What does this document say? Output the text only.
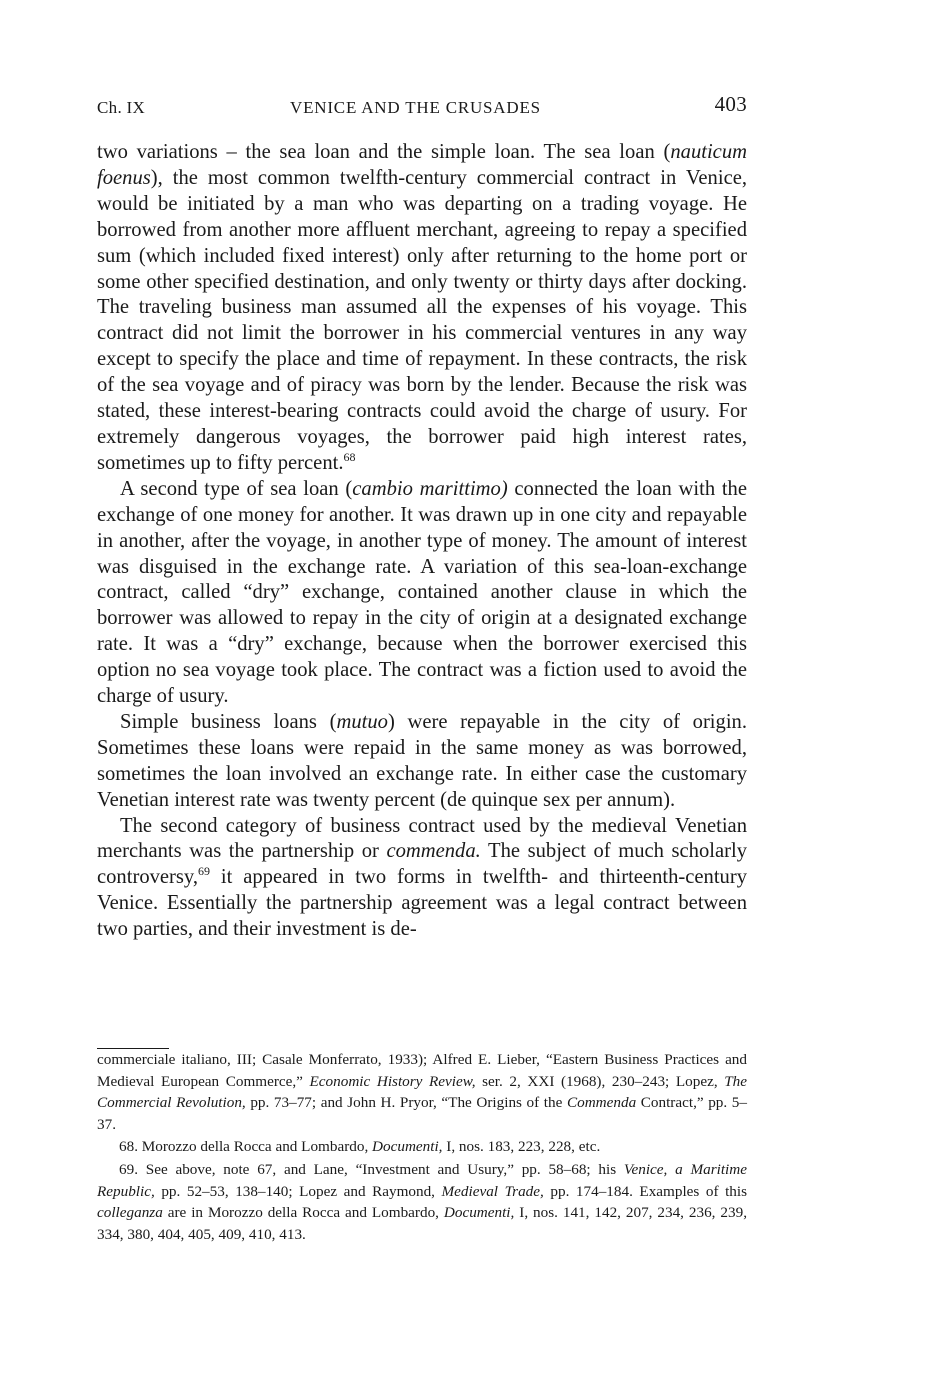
Ch. IX	VENICE AND THE CRUSADES	403

two variations – the sea loan and the simple loan. The sea loan (nauticum foenus), the most common twelfth-century commercial contract in Venice, would be initiated by a man who was departing on a trading voyage. He borrowed from another more affluent merchant, agreeing to repay a specified sum (which included fixed interest) only after returning to the home port or some other specified destination, and only twenty or thirty days after docking. The traveling business man assumed all the expenses of his voyage. This contract did not limit the borrower in his commercial ventures in any way except to specify the place and time of repayment. In these contracts, the risk of the sea voyage and of piracy was born by the lender. Because the risk was stated, these interest-bearing contracts could avoid the charge of usury. For extremely dangerous voyages, the borrower paid high interest rates, sometimes up to fifty percent.$^{68}$

A second type of sea loan (cambio marittimo) connected the loan with the exchange of one money for another. It was drawn up in one city and repayable in another, after the voyage, in another type of money. The amount of interest was disguised in the exchange rate. A variation of this sea-loan-exchange contract, called “dry” exchange, contained another clause in which the borrower was allowed to repay in the city of origin at a designated exchange rate. It was a “dry” exchange, because when the borrower exercised this option no sea voyage took place. The contract was a fiction used to avoid the charge of usury.

Simple business loans (mutuo) were repayable in the city of origin. Sometimes these loans were repaid in the same money as was borrowed, sometimes the loan involved an exchange rate. In either case the customary Venetian interest rate was twenty percent (de quinque sex per annum).

The second category of business contract used by the medieval Venetian merchants was the partnership or commenda. The subject of much scholarly controversy,$^{69}$ it appeared in two forms in twelfth- and thirteenth-century Venice. Essentially the partnership agreement was a legal contract between two parties, and their investment is de-

commerciale italiano, III; Casale Monferrato, 1933); Alfred E. Lieber, “Eastern Business Practices and Medieval European Commerce,” Economic History Review, ser. 2, XXI (1968), 230–243; Lopez, The Commercial Revolution, pp. 73–77; and John H. Pryor, “The Origins of the Commenda Contract,” pp. 5–37.

68. Morozzo della Rocca and Lombardo, Documenti, I, nos. 183, 223, 228, etc.

69. See above, note 67, and Lane, “Investment and Usury,” pp. 58–68; his Venice, a Maritime Republic, pp. 52–53, 138–140; Lopez and Raymond, Medieval Trade, pp. 174–184. Examples of this colleganza are in Morozzo della Rocca and Lombardo, Documenti, I, nos. 141, 142, 207, 234, 236, 239, 334, 380, 404, 405, 409, 410, 413.
